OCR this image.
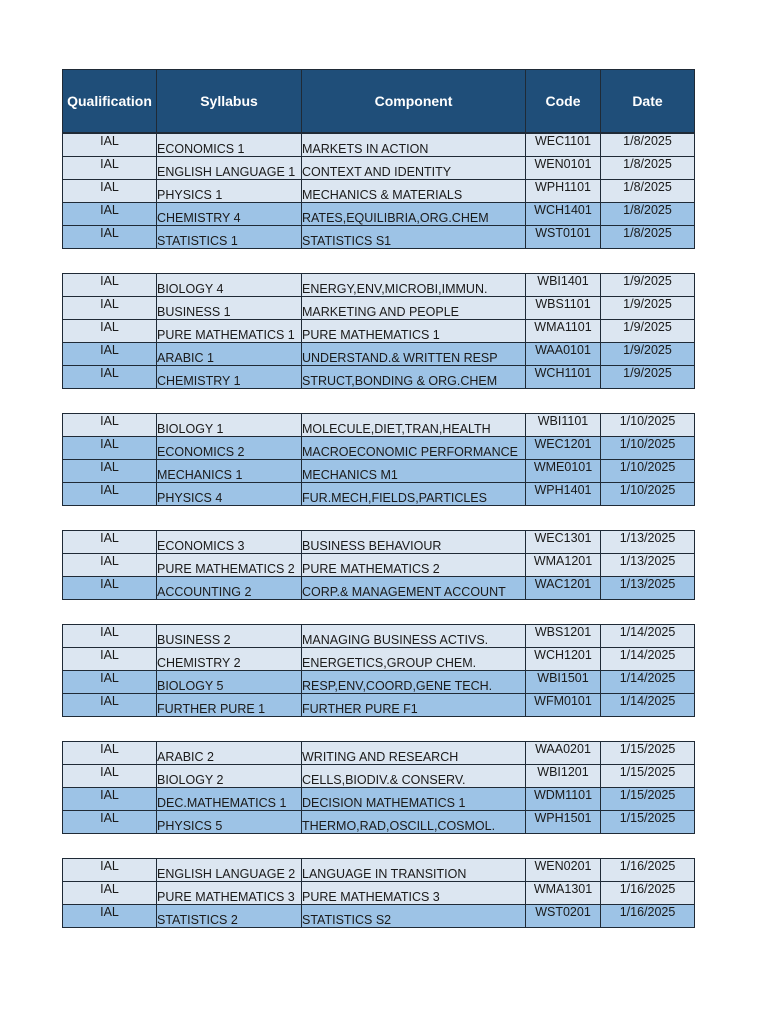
Qualification	Syllabus	Component	Code	Date
IAL	ECONOMICS 1	MARKETS IN ACTION	WEC1101	1/8/2025
IAL	ENGLISH LANGUAGE 1	CONTEXT AND IDENTITY	WEN0101	1/8/2025
IAL	PHYSICS 1	MECHANICS & MATERIALS	WPH1101	1/8/2025
IAL	CHEMISTRY 4	RATES,EQUILIBRIA,ORG.CHEM	WCH1401	1/8/2025
IAL	STATISTICS 1	STATISTICS S1	WST0101	1/8/2025
IAL	BIOLOGY 4	ENERGY,ENV,MICROBI,IMMUN.	WBI1401	1/9/2025
IAL	BUSINESS 1	MARKETING AND PEOPLE	WBS1101	1/9/2025
IAL	PURE MATHEMATICS 1	PURE MATHEMATICS 1	WMA1101	1/9/2025
IAL	ARABIC 1	UNDERSTAND.& WRITTEN RESP	WAA0101	1/9/2025
IAL	CHEMISTRY 1	STRUCT,BONDING & ORG.CHEM	WCH1101	1/9/2025
IAL	BIOLOGY 1	MOLECULE,DIET,TRAN,HEALTH	WBI1101	1/10/2025
IAL	ECONOMICS 2	MACROECONOMIC PERFORMANCE	WEC1201	1/10/2025
IAL	MECHANICS 1	MECHANICS M1	WME0101	1/10/2025
IAL	PHYSICS 4	FUR.MECH,FIELDS,PARTICLES	WPH1401	1/10/2025
IAL	ECONOMICS 3	BUSINESS BEHAVIOUR	WEC1301	1/13/2025
IAL	PURE MATHEMATICS 2	PURE MATHEMATICS 2	WMA1201	1/13/2025
IAL	ACCOUNTING 2	CORP.& MANAGEMENT ACCOUNT	WAC1201	1/13/2025
IAL	BUSINESS 2	MANAGING BUSINESS ACTIVS.	WBS1201	1/14/2025
IAL	CHEMISTRY 2	ENERGETICS,GROUP CHEM.	WCH1201	1/14/2025
IAL	BIOLOGY 5	RESP,ENV,COORD,GENE TECH.	WBI1501	1/14/2025
IAL	FURTHER PURE 1	FURTHER PURE F1	WFM0101	1/14/2025
IAL	ARABIC 2	WRITING AND RESEARCH	WAA0201	1/15/2025
IAL	BIOLOGY 2	CELLS,BIODIV.& CONSERV.	WBI1201	1/15/2025
IAL	DEC.MATHEMATICS 1	DECISION MATHEMATICS 1	WDM1101	1/15/2025
IAL	PHYSICS 5	THERMO,RAD,OSCILL,COSMOL.	WPH1501	1/15/2025
IAL	ENGLISH LANGUAGE 2	LANGUAGE IN TRANSITION	WEN0201	1/16/2025
IAL	PURE MATHEMATICS 3	PURE MATHEMATICS 3	WMA1301	1/16/2025
IAL	STATISTICS 2	STATISTICS S2	WST0201	1/16/2025
